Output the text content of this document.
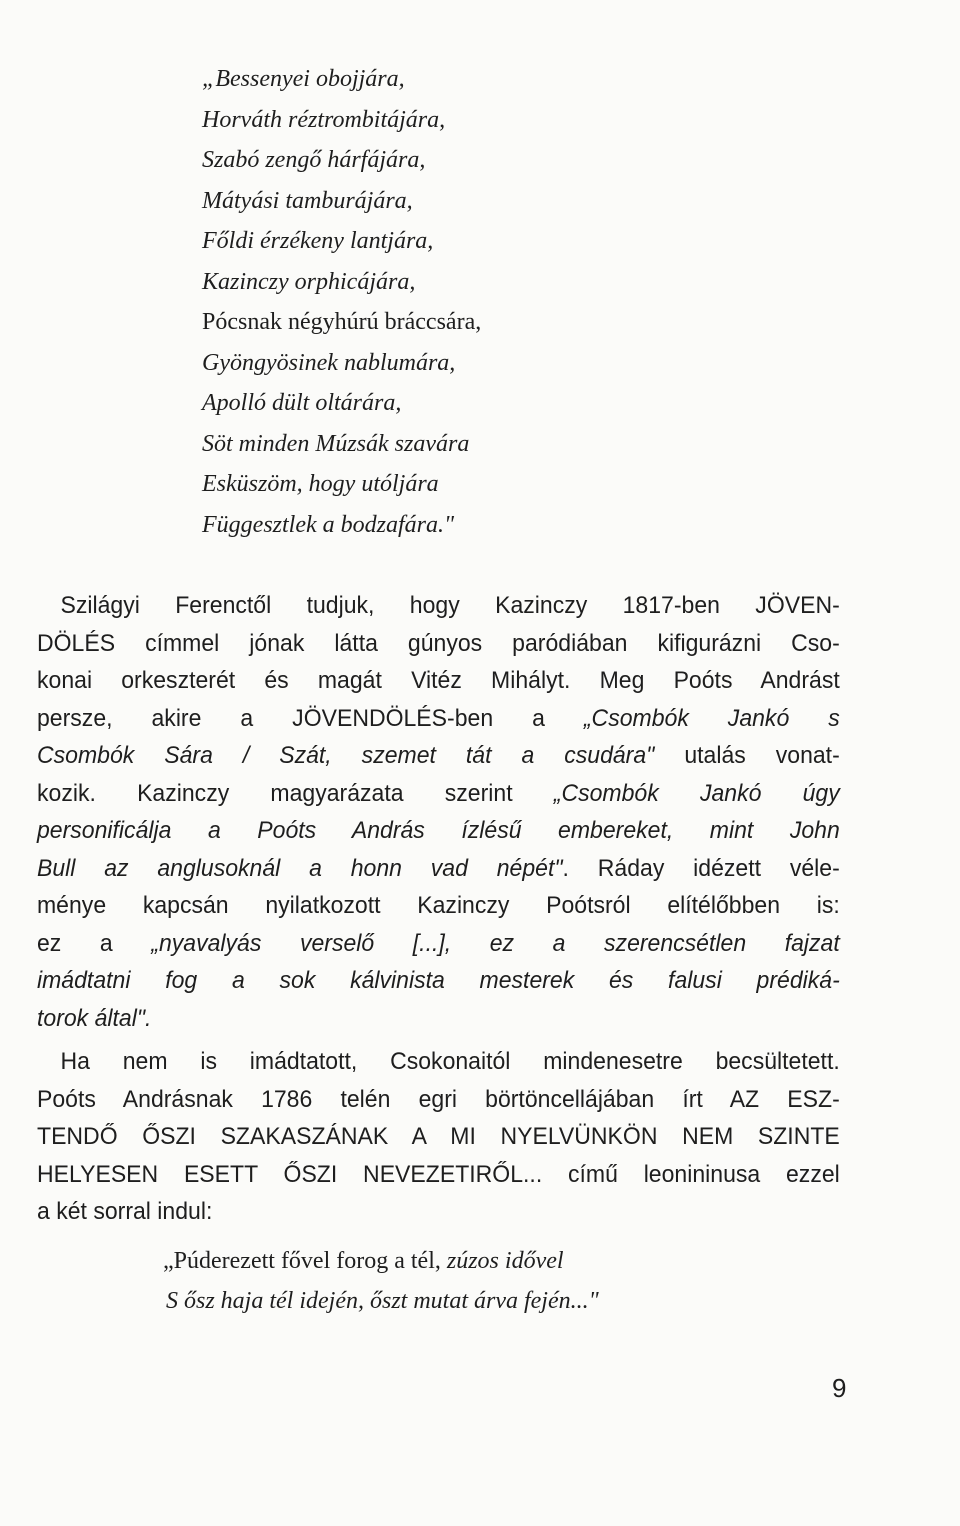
„Bessenyei obojjára,
Horváth réztrombitájára,
Szabó zengő hárfájára,
Mátyási tamburájára,
Főldi érzékeny lantjára,
Kazinczy orphicájára,
Pócsnak négyhúrú bráccsára,
Gyöngyösinek nablumára,
Apolló dült oltárára,
Söt minden Múzsák szavára
Esküszöm, hogy utóljára
Függesztlek a bodzafára."
Szilágyi Ferenctől tudjuk, hogy Kazinczy 1817-ben JÖVEN-
DÖLÉS címmel jónak látta gúnyos paródiában kifigurázni Cso-
konai orkeszterét és magát Vitéz Mihályt. Meg Poóts Andrást
persze, akire a JÖVENDÖLÉS-ben a „Csombók Jankó s
Csombók Sára / Szát, szemet tát a csudára" utalás vonat-
kozik. Kazinczy magyarázata szerint „Csombók Jankó úgy
personificálja a Poóts András ízlésű embereket, mint John
Bull az anglusoknál a honn vad népét". Ráday idézett véle-
ménye kapcsán nyilatkozott Kazinczy Poótsról elítélőbben is:
ez a „nyavalyás verselő [...], ez a szerencsétlen fajzat
imádtatni fog a sok kálvinista mesterek és falusi prédiká-
torok által".
Ha nem is imádtatott, Csokonaitól mindenesetre becsültetett.
Poóts Andrásnak 1786 telén egri börtöncellájában írt AZ ESZ-
TENDŐ ŐSZI SZAKASZÁNAK A MI NYELVÜNKÖN NEM SZINTE
HELYESEN ESETT ŐSZI NEVEZETIRŐL... című leonininusa ezzel
a két sorral indul:
„Púderezett fővel forog a tél, zúzos idővel
S ősz haja tél idején, őszt mutat árva fején..."
9
